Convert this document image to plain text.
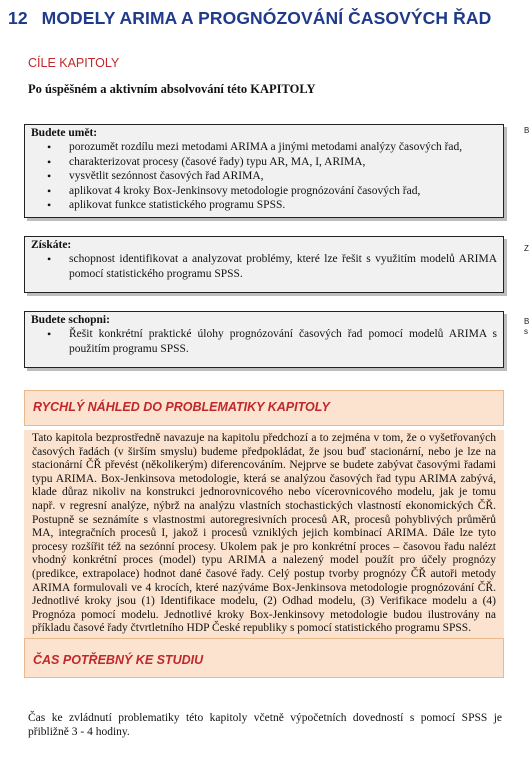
12 MODELY ARIMA A PROGNÓZOVÁNÍ ČASOVÝCH ŘAD
CÍLE KAPITOLY
Po úspěšném a aktivním absolvování této KAPITOLY
Budete umět:
• porozumět rozdílu mezi metodami ARIMA a jinými metodami analýzy časových řad,
• charakterizovat procesy (časové řady) typu AR, MA, I, ARIMA,
• vysvětlit sezónnost časových řad ARIMA,
• aplikovat 4 kroky Box-Jenkinsovy metodologie prognózování časových řad,
• aplikovat funkce statistického programu SPSS.
B
Získáte:
• schopnost identifikovat a analyzovat problémy, které lze řešit s využitím modelů ARIMA pomocí statistického programu SPSS.
Z
Budete schopni:
• Řešit konkrétní praktické úlohy prognózování časových řad pomocí modelů ARIMA s použitím programu SPSS.
B
s
RYCHLÝ NÁHLED DO PROBLEMATIKY KAPITOLY
Tato kapitola bezprostředně navazuje na kapitolu předchozí a to zejména v tom, že o vyšetřovaných časových řadách (v širším smyslu) budeme předpokládat, že jsou buď stacionární, nebo je lze na stacionární ČŘ převést (několikerým) diferencováním. Nejprve se budete zabývat časovými řadami typu ARIMA. Box-Jenkinsova metodologie, která se analýzou časových řad typu ARIMA zabývá, klade důraz nikoliv na konstrukci jednorovnicového nebo vícerovnicového modelu, jak je tomu např. v regresní analýze, nýbrž na analýzu vlastních stochastických vlastností ekonomických ČŘ. Postupně se seznámíte s vlastnostmi autoregresivních procesů AR, procesů pohyblivých průměrů MA, integračních procesů I, jakož i procesů vzniklých jejich kombinací ARIMA. Dále lze tyto procesy rozšířit též na sezónní procesy. Ukolem pak je pro konkrétní proces – časovou řadu nalézt vhodný konkrétní proces (model) typu ARIMA a nalezený model použít pro účely prognózy (predikce, extrapolace) hodnot dané časové řady. Celý postup tvorby prognózy ČŘ autoři metody ARIMA formulovali ve 4 krocích, které nazýváme Box-Jenkinsova metodologie prognózování ČŘ. Jednotlivé kroky jsou (1) Identifikace modelu, (2) Odhad modelu, (3) Verifikace modelu a (4) Prognóza pomocí modelu. Jednotlivé kroky Box-Jenkinsovy metodologie budou ilustrovány na příkladu časové řady čtvrtletního HDP České republiky s pomocí statistického programu SPSS.
ČAS POTŘEBNÝ KE STUDIU
Čas ke zvládnutí problematiky této kapitoly včetně výpočetních dovedností s pomocí SPSS je přibližně 3 - 4 hodiny.
